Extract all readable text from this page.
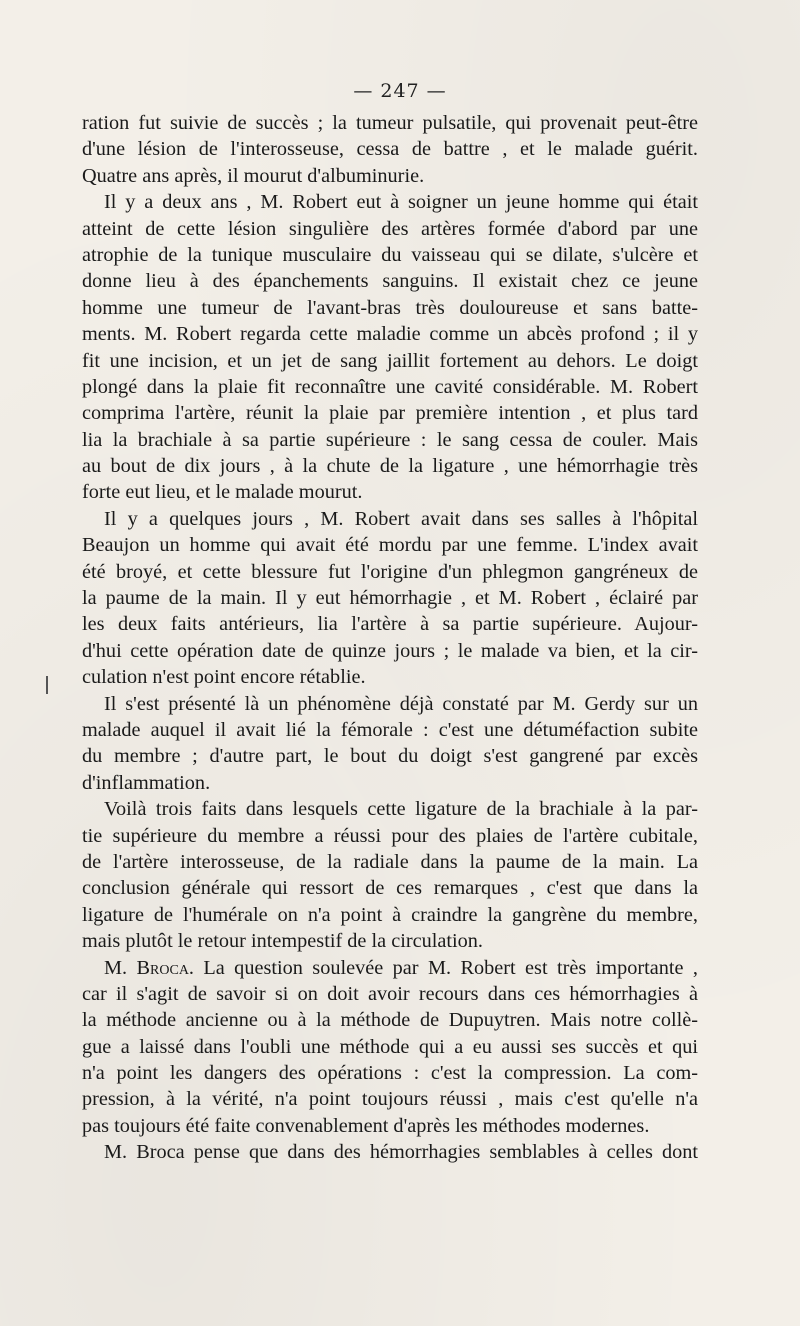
— 247 —
ration fut suivie de succès ; la tumeur pulsatile, qui provenait peut-être
d'une lésion de l'interosseuse, cessa de battre , et le malade guérit.
Quatre ans après, il mourut d'albuminurie.
Il y a deux ans , M. Robert eut à soigner un jeune homme qui était
atteint de cette lésion singulière des artères formée d'abord par une
atrophie de la tunique musculaire du vaisseau qui se dilate, s'ulcère et
donne lieu à des épanchements sanguins. Il existait chez ce jeune
homme une tumeur de l'avant-bras très douloureuse et sans batte-
ments. M. Robert regarda cette maladie comme un abcès profond ; il y
fit une incision, et un jet de sang jaillit fortement au dehors. Le doigt
plongé dans la plaie fit reconnaître une cavité considérable. M. Robert
comprima l'artère, réunit la plaie par première intention , et plus tard
lia la brachiale à sa partie supérieure : le sang cessa de couler. Mais
au bout de dix jours , à la chute de la ligature , une hémorrhagie très
forte eut lieu, et le malade mourut.
Il y a quelques jours , M. Robert avait dans ses salles à l'hôpital
Beaujon un homme qui avait été mordu par une femme. L'index avait
été broyé, et cette blessure fut l'origine d'un phlegmon gangréneux de
la paume de la main. Il y eut hémorrhagie , et M. Robert , éclairé par
les deux faits antérieurs, lia l'artère à sa partie supérieure. Aujour-
d'hui cette opération date de quinze jours ; le malade va bien, et la cir-
culation n'est point encore rétablie.
Il s'est présenté là un phénomène déjà constaté par M. Gerdy sur un
malade auquel il avait lié la fémorale : c'est une détuméfaction subite
du membre ; d'autre part, le bout du doigt s'est gangrené par excès
d'inflammation.
Voilà trois faits dans lesquels cette ligature de la brachiale à la par-
tie supérieure du membre a réussi pour des plaies de l'artère cubitale,
de l'artère interosseuse, de la radiale dans la paume de la main. La
conclusion générale qui ressort de ces remarques , c'est que dans la
ligature de l'humérale on n'a point à craindre la gangrène du membre,
mais plutôt le retour intempestif de la circulation.
M. Broca. La question soulevée par M. Robert est très importante ,
car il s'agit de savoir si on doit avoir recours dans ces hémorrhagies à
la méthode ancienne ou à la méthode de Dupuytren. Mais notre collè-
gue a laissé dans l'oubli une méthode qui a eu aussi ses succès et qui
n'a point les dangers des opérations : c'est la compression. La com-
pression, à la vérité, n'a point toujours réussi , mais c'est qu'elle n'a
pas toujours été faite convenablement d'après les méthodes modernes.
M. Broca pense que dans des hémorrhagies semblables à celles dont
